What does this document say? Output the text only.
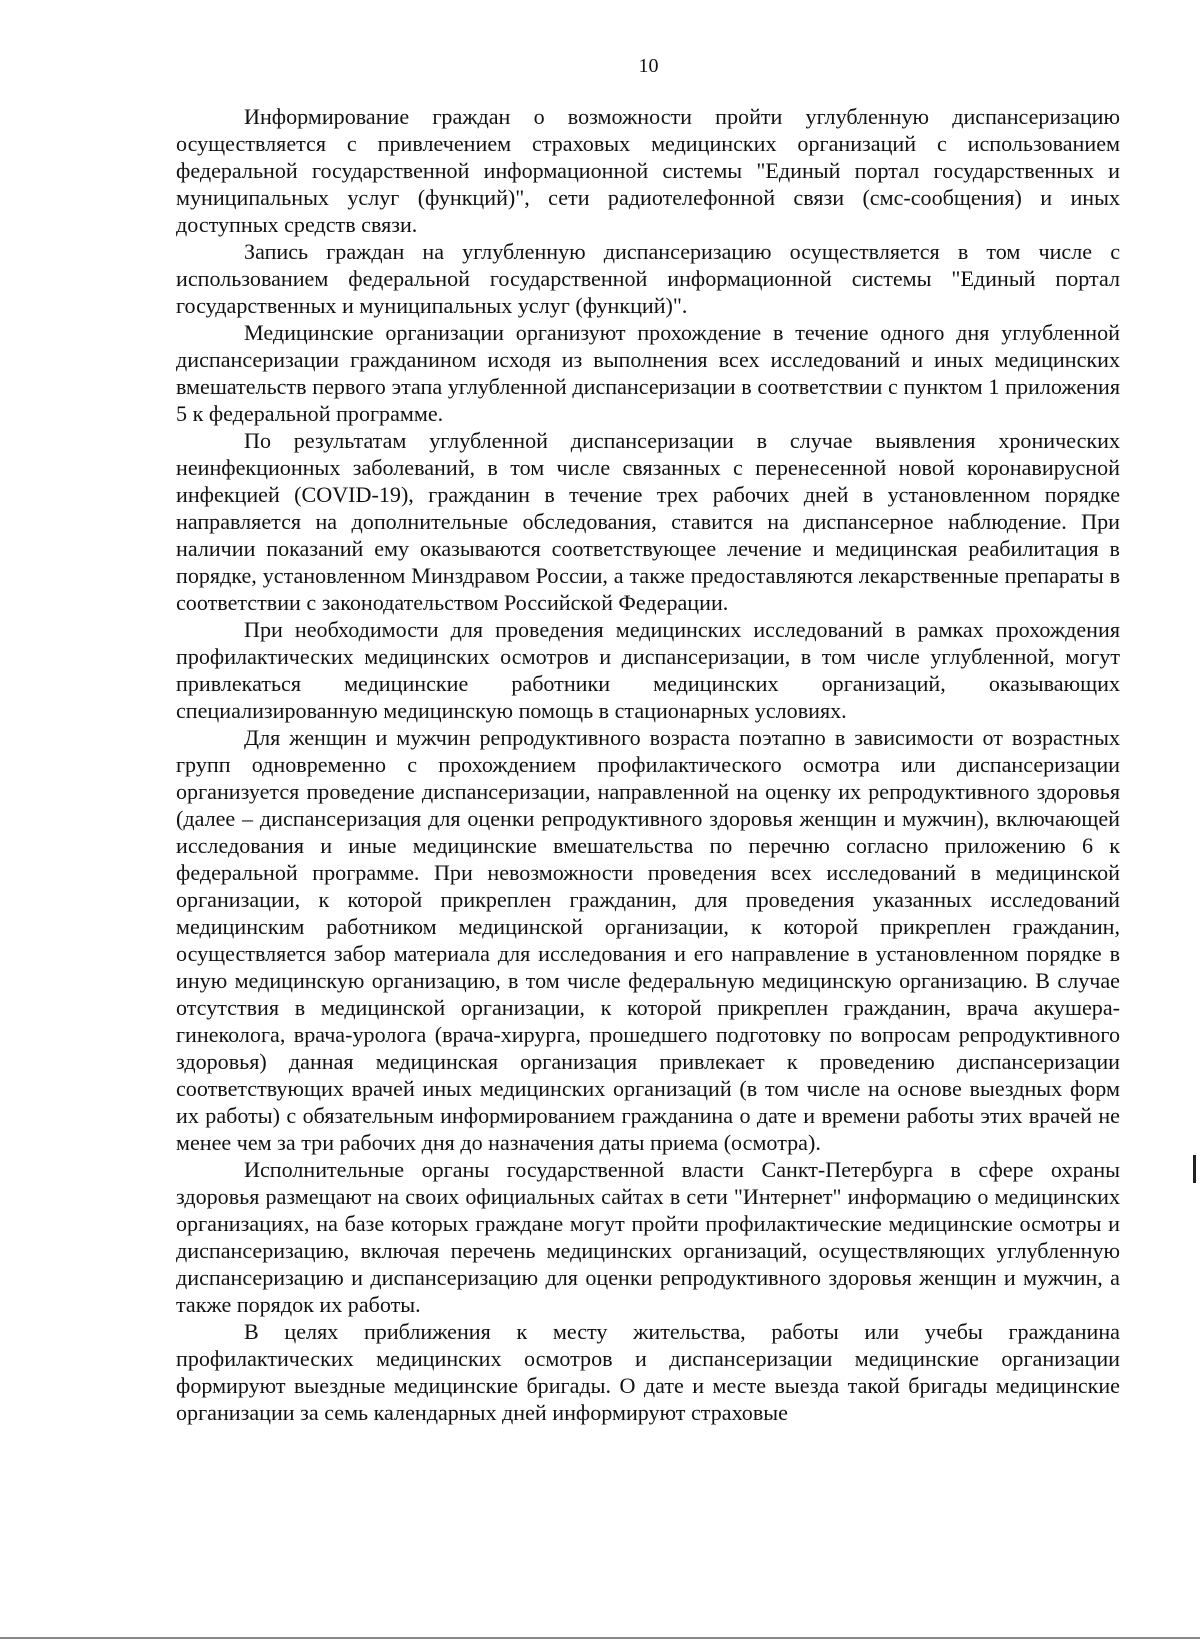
10

Информирование граждан о возможности пройти углубленную диспансеризацию осуществляется с привлечением страховых медицинских организаций с использованием федеральной государственной информационной системы "Единый портал государственных и муниципальных услуг (функций)", сети радиотелефонной связи (смс-сообщения) и иных доступных средств связи.

Запись граждан на углубленную диспансеризацию осуществляется в том числе с использованием федеральной государственной информационной системы "Единый портал государственных и муниципальных услуг (функций)".

Медицинские организации организуют прохождение в течение одного дня углубленной диспансеризации гражданином исходя из выполнения всех исследований и иных медицинских вмешательств первого этапа углубленной диспансеризации в соответствии с пунктом 1 приложения 5 к федеральной программе.

По результатам углубленной диспансеризации в случае выявления хронических неинфекционных заболеваний, в том числе связанных с перенесенной новой коронавирусной инфекцией (COVID-19), гражданин в течение трех рабочих дней в установленном порядке направляется на дополнительные обследования, ставится на диспансерное наблюдение. При наличии показаний ему оказываются соответствующее лечение и медицинская реабилитация в порядке, установленном Минздравом России, а также предоставляются лекарственные препараты в соответствии с законодательством Российской Федерации.

При необходимости для проведения медицинских исследований в рамках прохождения профилактических медицинских осмотров и диспансеризации, в том числе углубленной, могут привлекаться медицинские работники медицинских организаций, оказывающих специализированную медицинскую помощь в стационарных условиях.

Для женщин и мужчин репродуктивного возраста поэтапно в зависимости от возрастных групп одновременно с прохождением профилактического осмотра или диспансеризации организуется проведение диспансеризации, направленной на оценку их репродуктивного здоровья (далее – диспансеризация для оценки репродуктивного здоровья женщин и мужчин), включающей исследования и иные медицинские вмешательства по перечню согласно приложению 6 к федеральной программе. При невозможности проведения всех исследований в медицинской организации, к которой прикреплен гражданин, для проведения указанных исследований медицинским работником медицинской организации, к которой прикреплен гражданин, осуществляется забор материала для исследования и его направление в установленном порядке в иную медицинскую организацию, в том числе федеральную медицинскую организацию. В случае отсутствия в медицинской организации, к которой прикреплен гражданин, врача акушера-гинеколога, врача-уролога (врача-хирурга, прошедшего подготовку по вопросам репродуктивного здоровья) данная медицинская организация привлекает к проведению диспансеризации соответствующих врачей иных медицинских организаций (в том числе на основе выездных форм их работы) с обязательным информированием гражданина о дате и времени работы этих врачей не менее чем за три рабочих дня до назначения даты приема (осмотра).

Исполнительные органы государственной власти Санкт-Петербурга в сфере охраны здоровья размещают на своих официальных сайтах в сети "Интернет" информацию о медицинских организациях, на базе которых граждане могут пройти профилактические медицинские осмотры и диспансеризацию, включая перечень медицинских организаций, осуществляющих углубленную диспансеризацию и диспансеризацию для оценки репродуктивного здоровья женщин и мужчин, а также порядок их работы.

В целях приближения к месту жительства, работы или учебы гражданина профилактических медицинских осмотров и диспансеризации медицинские организации формируют выездные медицинские бригады. О дате и месте выезда такой бригады медицинские организации за семь календарных дней информируют страховые
